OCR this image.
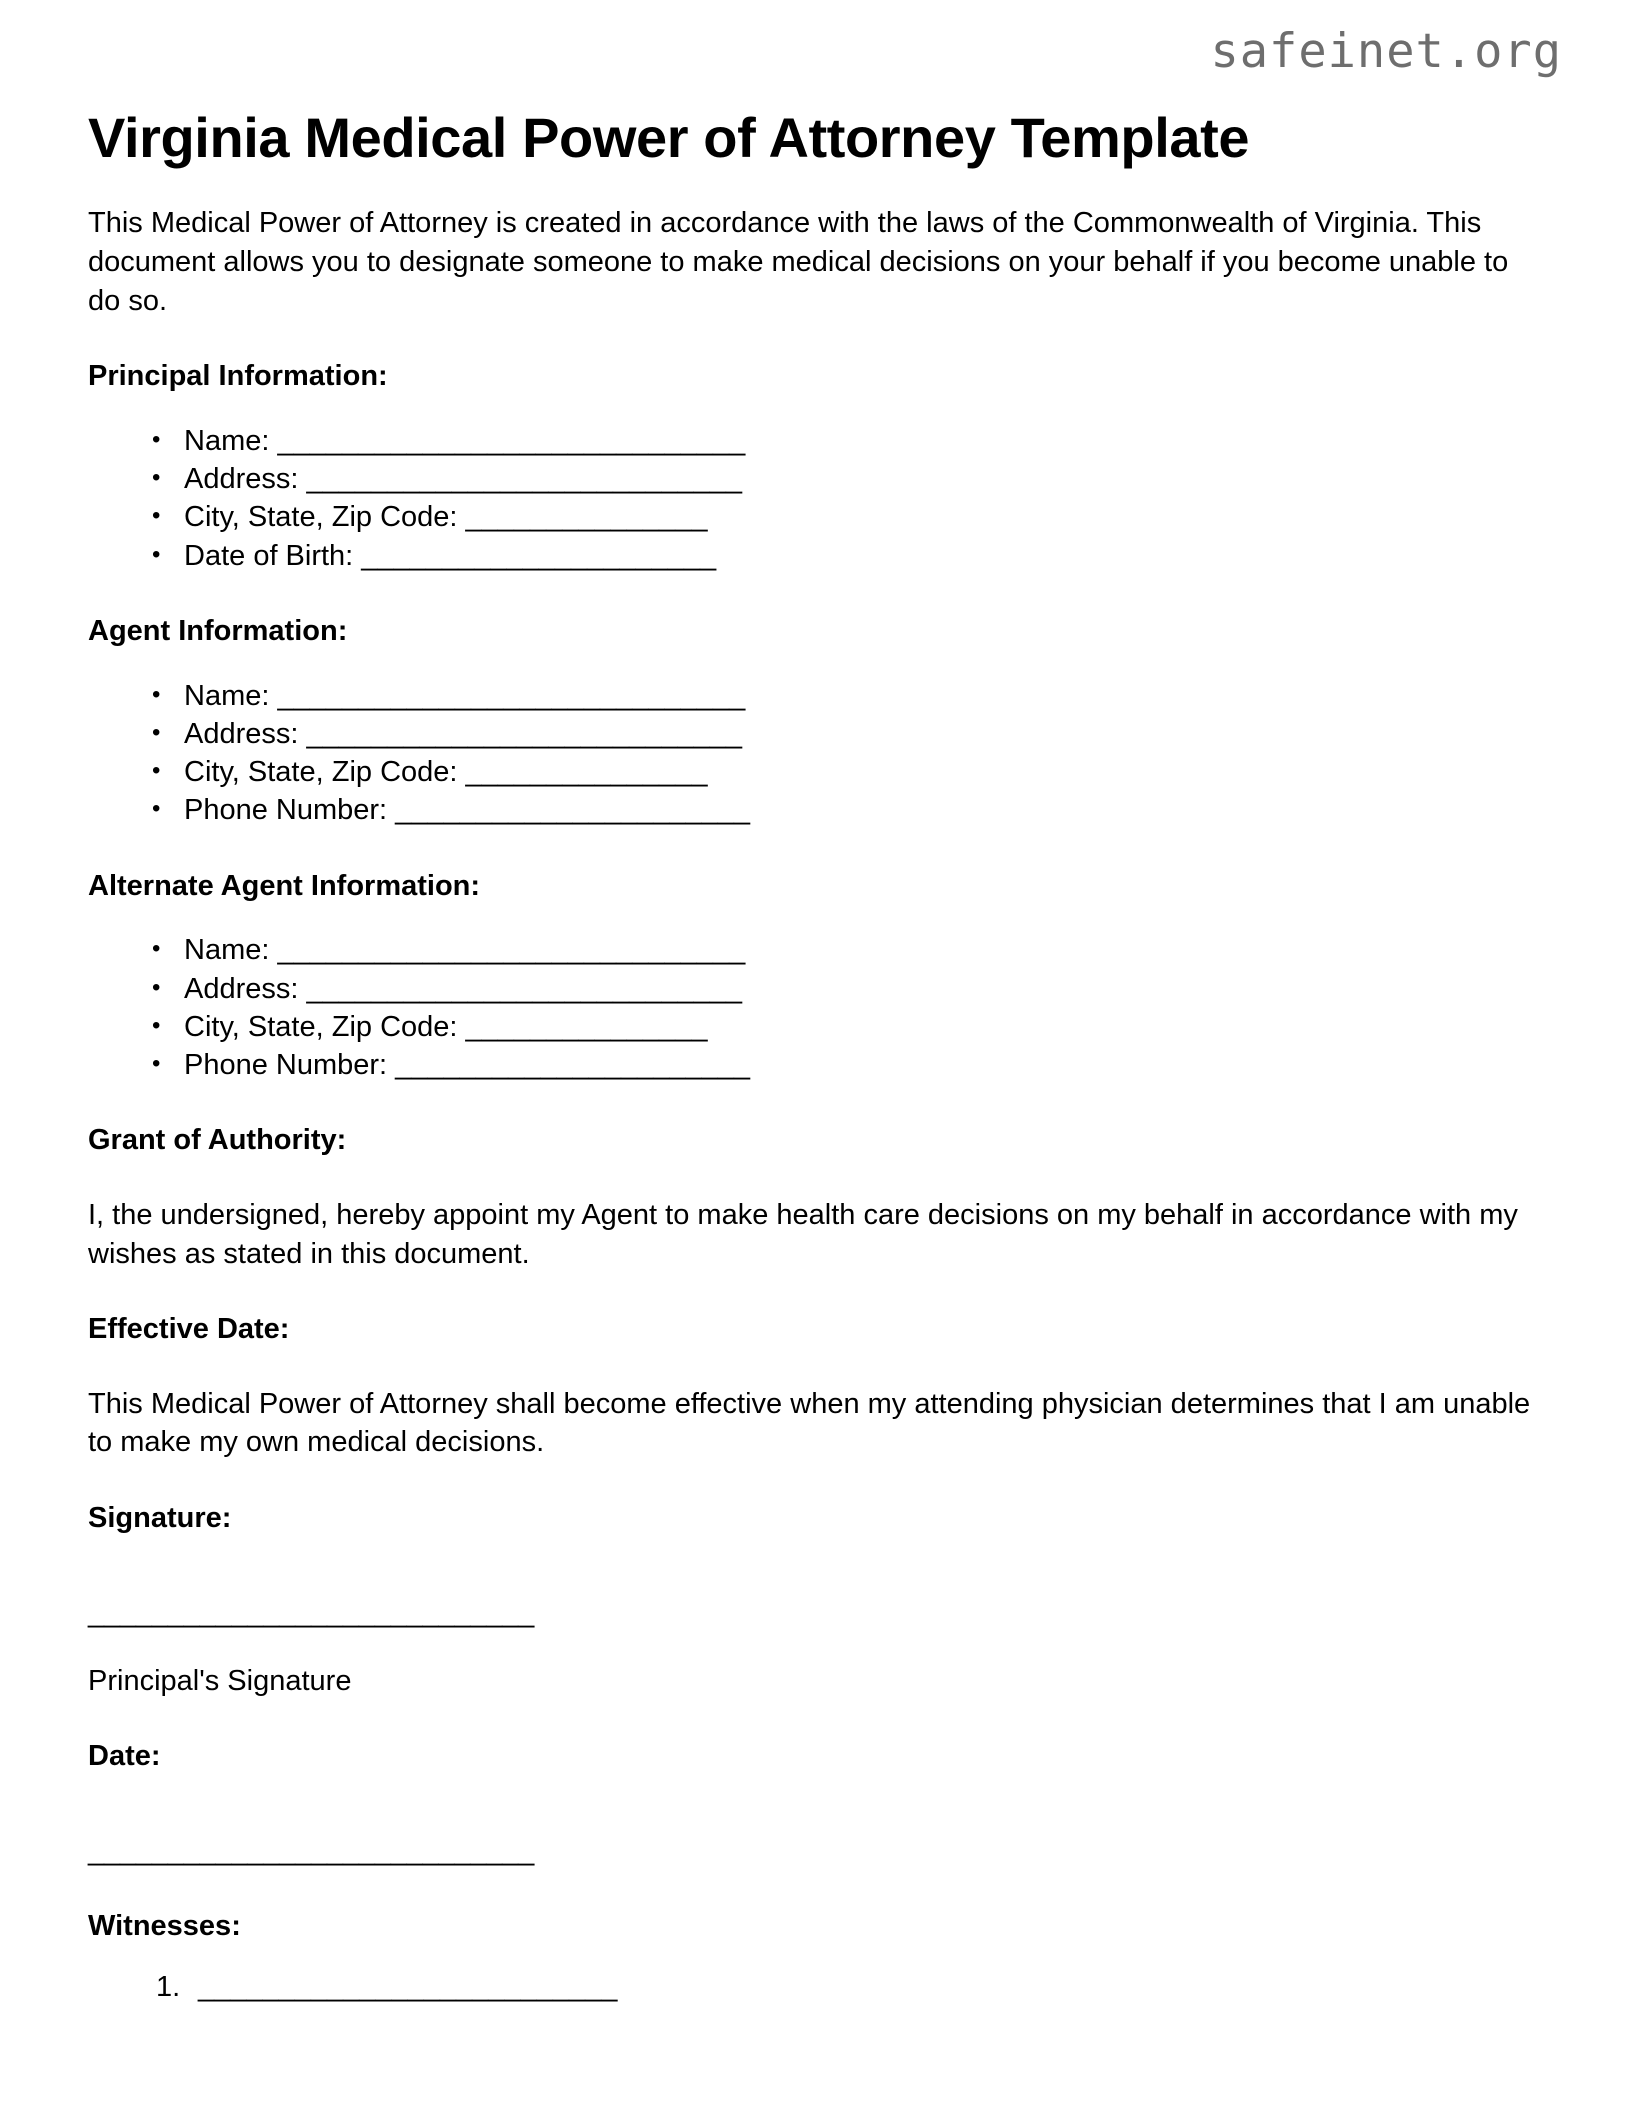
safeinet.org
Virginia Medical Power of Attorney Template

This Medical Power of Attorney is created in accordance with the laws of the Commonwealth of Virginia. This document allows you to designate someone to make medical decisions on your behalf if you become unable to do so.

Principal Information:
• Name: _____________________________
• Address: ___________________________
• City, State, Zip Code: _______________
• Date of Birth: ______________________
Agent Information:
• Name: _____________________________
• Address: ___________________________
• City, State, Zip Code: _______________
• Phone Number: ______________________
Alternate Agent Information:
• Name: _____________________________
• Address: ___________________________
• City, State, Zip Code: _______________
• Phone Number: ______________________
Grant of Authority:

I, the undersigned, hereby appoint my Agent to make health care decisions on my behalf in accordance with my wishes as stated in this document.

Effective Date:

This Medical Power of Attorney shall become effective when my attending physician determines that I am unable to make my own medical decisions.

Signature:
____________________________
Principal's Signature
Date:
____________________________
Witnesses:
__________________________
